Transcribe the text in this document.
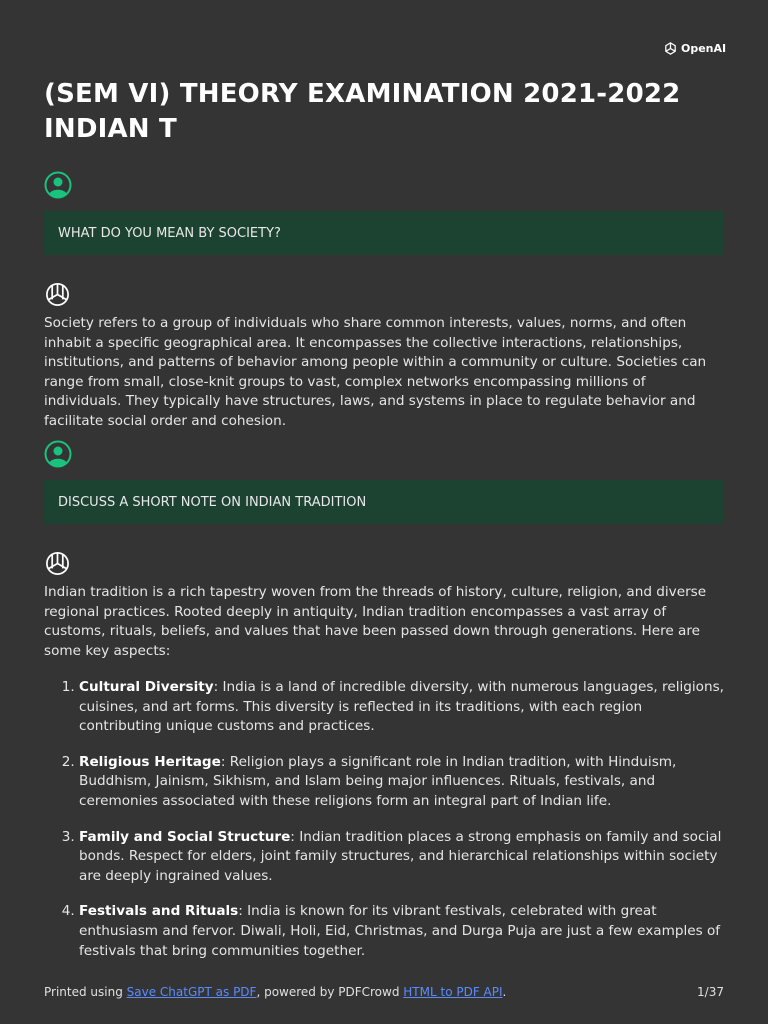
OpenAI
(SEM VI) THEORY EXAMINATION 2021-2022 INDIAN T
WHAT DO YOU MEAN BY SOCIETY?

Society refers to a group of individuals who share common interests, values, norms, and often inhabit a specific geographical area. It encompasses the collective interactions, relationships, institutions, and patterns of behavior among people within a community or culture. Societies can range from small, close-knit groups to vast, complex networks encompassing millions of individuals. They typically have structures, laws, and systems in place to regulate behavior and facilitate social order and cohesion.

DISCUSS A SHORT NOTE ON INDIAN TRADITION

Indian tradition is a rich tapestry woven from the threads of history, culture, religion, and diverse regional practices. Rooted deeply in antiquity, Indian tradition encompasses a vast array of customs, rituals, beliefs, and values that have been passed down through generations. Here are some key aspects:

1. Cultural Diversity: India is a land of incredible diversity, with numerous languages, religions, cuisines, and art forms. This diversity is reflected in its traditions, with each region contributing unique customs and practices.
2. Religious Heritage: Religion plays a significant role in Indian tradition, with Hinduism, Buddhism, Jainism, Sikhism, and Islam being major influences. Rituals, festivals, and ceremonies associated with these religions form an integral part of Indian life.
3. Family and Social Structure: Indian tradition places a strong emphasis on family and social bonds. Respect for elders, joint family structures, and hierarchical relationships within society are deeply ingrained values.
4. Festivals and Rituals: India is known for its vibrant festivals, celebrated with great enthusiasm and fervor. Diwali, Holi, Eid, Christmas, and Durga Puja are just a few examples of festivals that bring communities together.
Printed using Save ChatGPT as PDF, powered by PDFCrowd HTML to PDF API.	1/37
